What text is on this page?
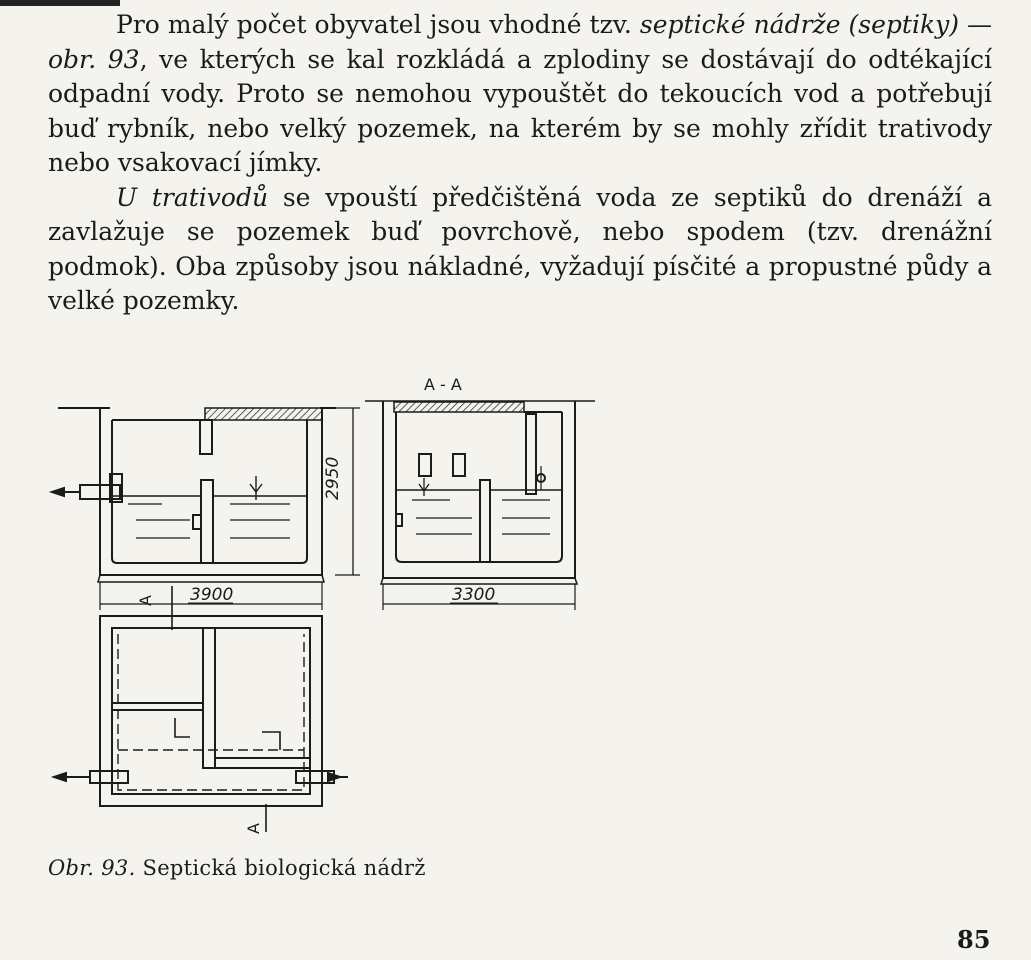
Pro malý počet obyvatel jsou vhodné tzv. septické nádrže (septiky) — obr. 93, ve kterých se kal rozkládá a zplodiny se dostávají do odtékající odpadní vody. Proto se nemohou vypouštět do tekoucích vod a potřebují buď rybník, nebo velký pozemek, na kterém by se mohly zřídit trativody nebo vsakovací jímky.

U trativodů se vpouští předčištěná voda ze septiků do drenáží a zavlažuje se pozemek buď povrchově, nebo spodem (tzv. drenážní podmok). Oba způsoby jsou nákladné, vyžadují písčité a propustné půdy a velké pozemky.

2950
3900
A - A
3300
A
A
Obr. 93. Septická biologická nádrž
85
